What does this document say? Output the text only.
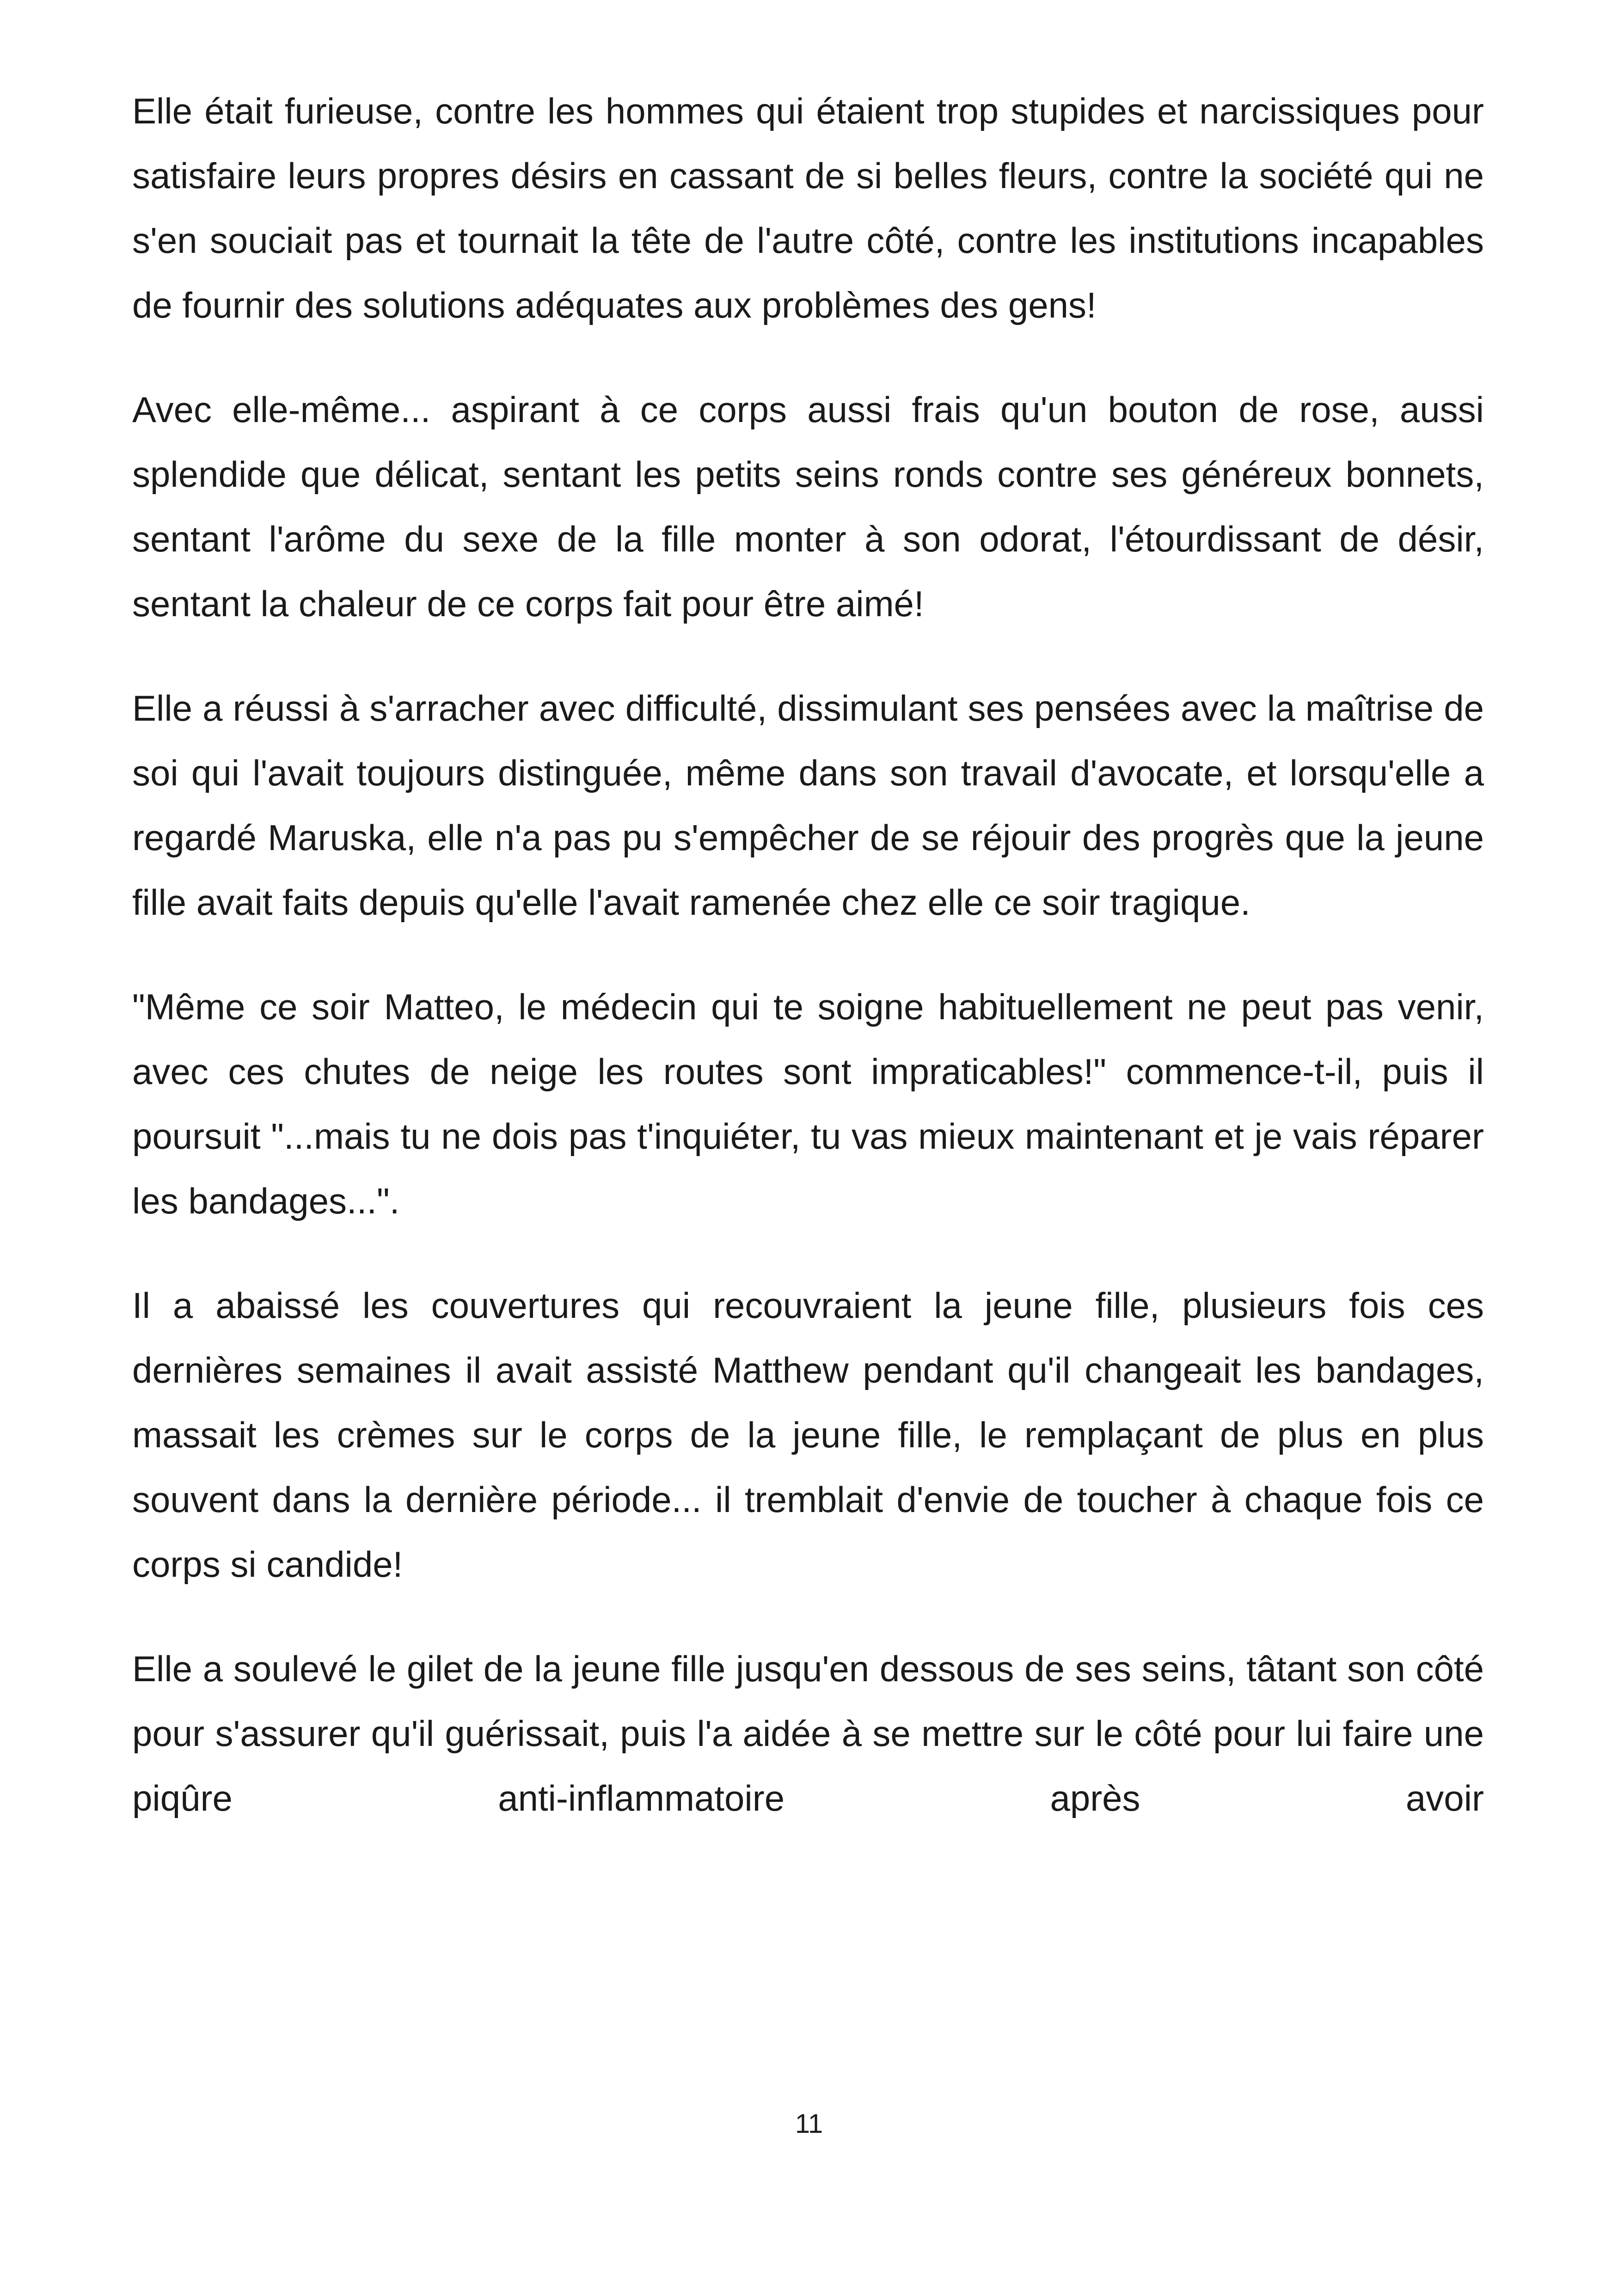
Elle était furieuse, contre les hommes qui étaient trop stupides et narcissiques pour satisfaire leurs propres désirs en cassant de si belles fleurs, contre la société qui ne s'en souciait pas et tournait la tête de l'autre côté, contre les institutions incapables de fournir des solutions adéquates aux problèmes des gens!

Avec elle-même... aspirant à ce corps aussi frais qu'un bouton de rose, aussi splendide que délicat, sentant les petits seins ronds contre ses généreux bonnets, sentant l'arôme du sexe de la fille monter à son odorat, l'étourdissant de désir, sentant la chaleur de ce corps fait pour être aimé!

Elle a réussi à s'arracher avec difficulté, dissimulant ses pensées avec la maîtrise de soi qui l'avait toujours distinguée, même dans son travail d'avocate, et lorsqu'elle a regardé Maruska, elle n'a pas pu s'empêcher de se réjouir des progrès que la jeune fille avait faits depuis qu'elle l'avait ramenée chez elle ce soir tragique.

"Même ce soir Matteo, le médecin qui te soigne habituellement ne peut pas venir, avec ces chutes de neige les routes sont impraticables!" commence-t-il, puis il poursuit "...mais tu ne dois pas t'inquiéter, tu vas mieux maintenant et je vais réparer les bandages...".

Il a abaissé les couvertures qui recouvraient la jeune fille, plusieurs fois ces dernières semaines il avait assisté Matthew pendant qu'il changeait les bandages, massait les crèmes sur le corps de la jeune fille, le remplaçant de plus en plus souvent dans la dernière période... il tremblait d'envie de toucher à chaque fois ce corps si candide!

Elle a soulevé le gilet de la jeune fille jusqu'en dessous de ses seins, tâtant son côté pour s'assurer qu'il guérissait, puis l'a aidée à se mettre sur le côté pour lui faire une piqûre anti-inflammatoire après avoir

11
